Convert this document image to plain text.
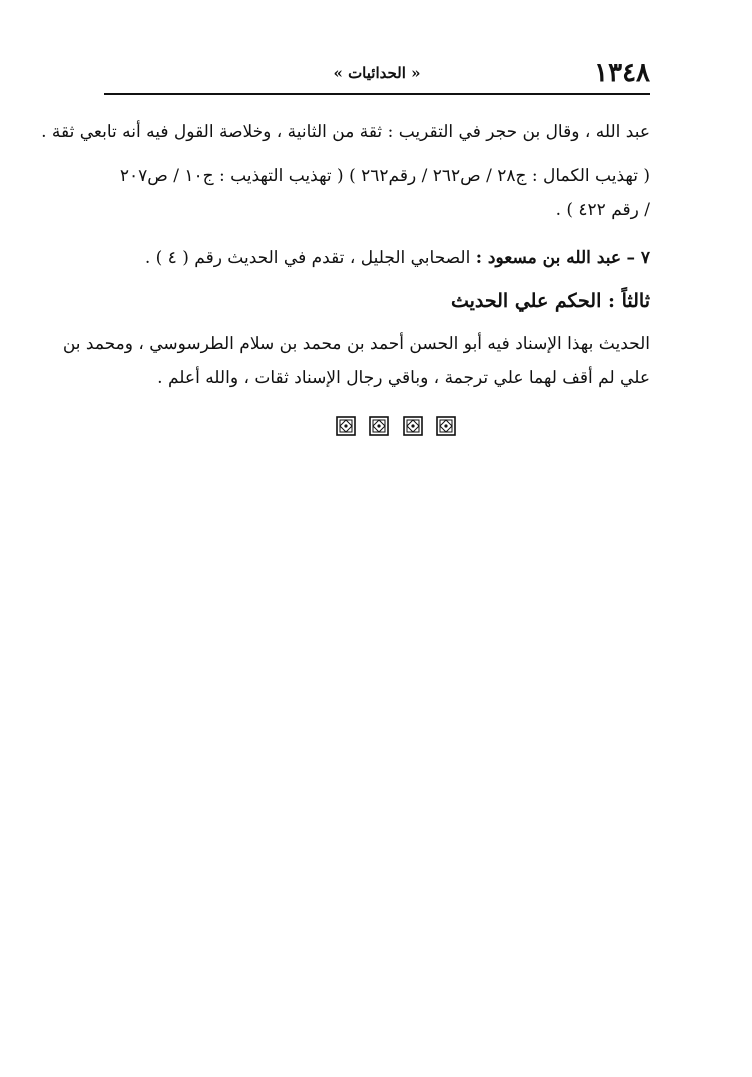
١٣٤٨
« الحدائيات »
عبد الله ، وقال بن حجر في التقريب : ثقة من الثانية ، وخلاصة القول فيه أنه تابعي ثقة .
( تهذيب الكمال : ج٢٨ / ص٢٦٢ / رقم٢٦٢ ) ( تهذيب التهذيب : ج١٠ / ص٢٠٧
/ رقم ٤٢٢ ) .
٧ – عبد الله بن مسعود : الصحابي الجليل ، تقدم في الحديث رقم ( ٤ ) .
ثالثاً : الحكم علي الحديث
الحديث بهذا الإسناد فيه أبو الحسن أحمد بن محمد بن سلام الطرسوسي ، ومحمد بن
علي لم أقف لهما علي ترجمة ، وباقي رجال الإسناد ثقات ، والله أعلم .
